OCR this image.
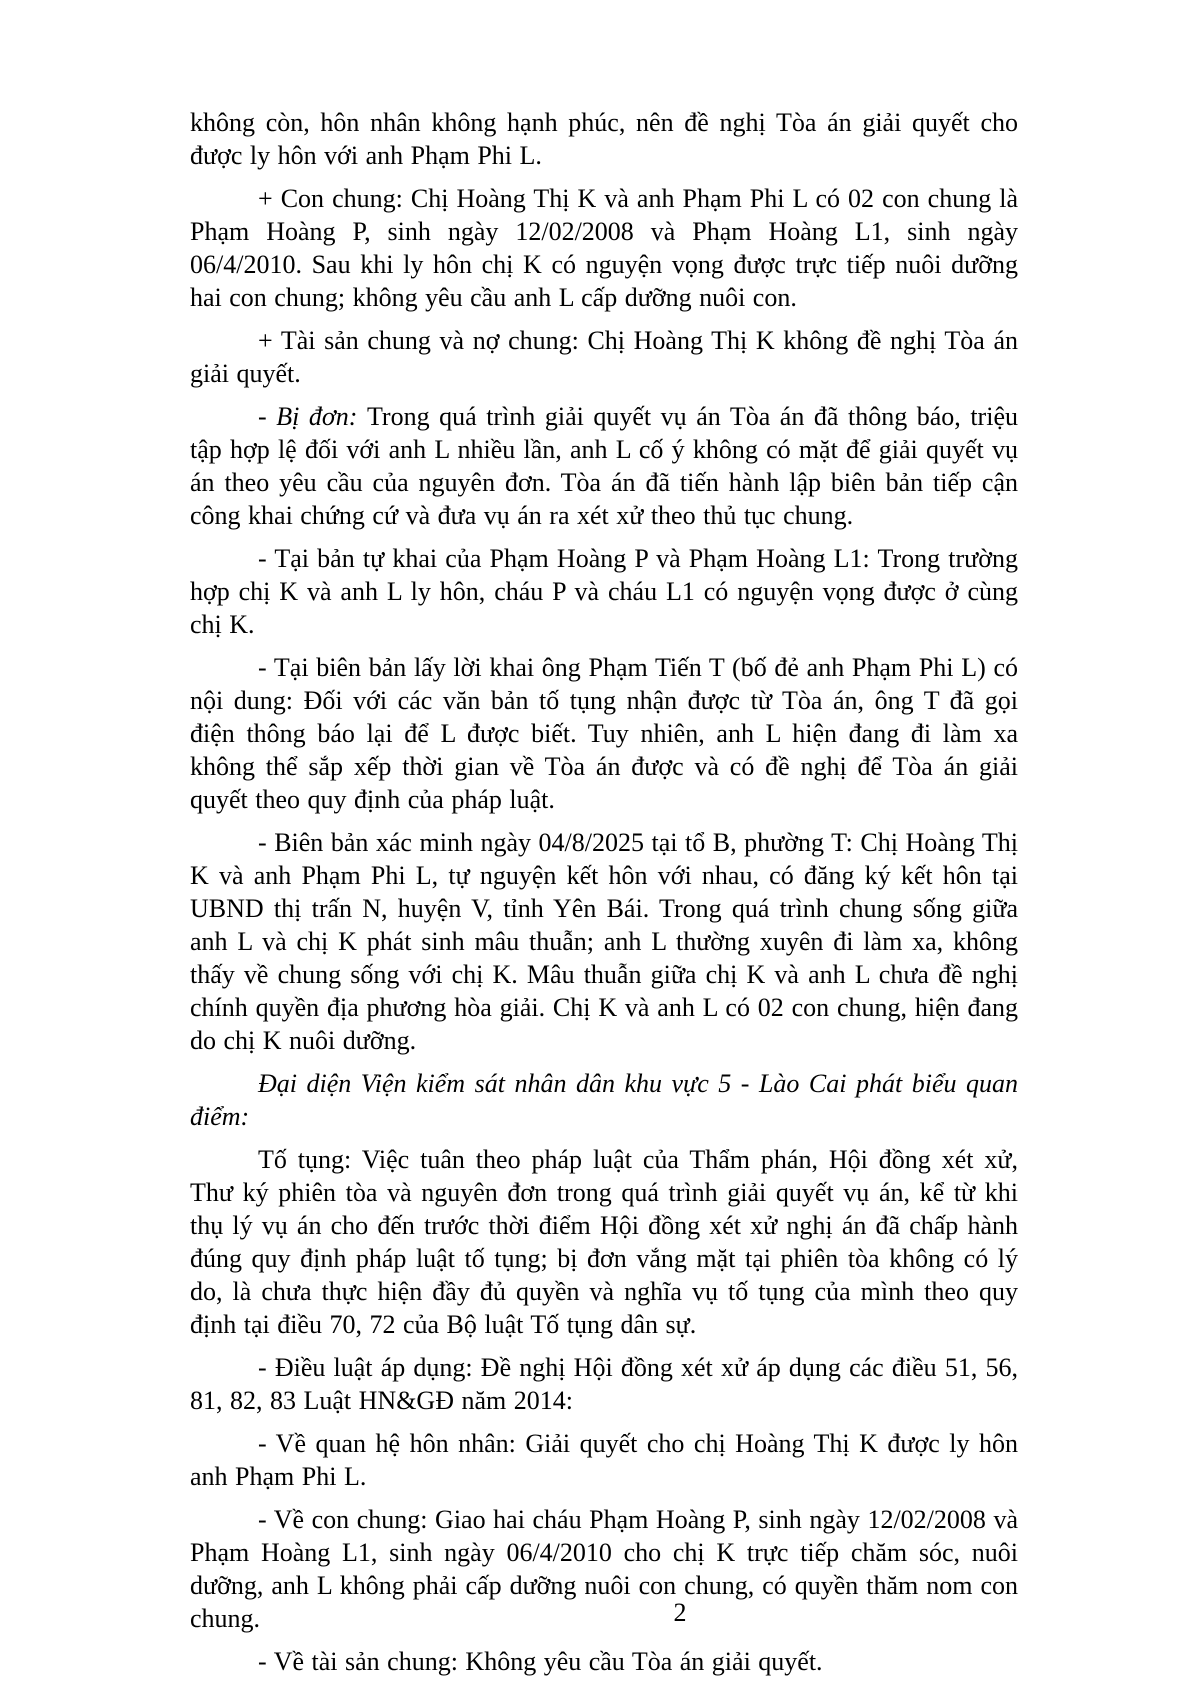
không còn, hôn nhân không hạnh phúc, nên đề nghị Tòa án giải quyết cho được ly hôn với anh Phạm Phi L.

+ Con chung: Chị Hoàng Thị K và anh Phạm Phi L có 02 con chung là Phạm Hoàng P, sinh ngày 12/02/2008 và Phạm Hoàng L1, sinh ngày 06/4/2010. Sau khi ly hôn chị K có nguyện vọng được trực tiếp nuôi dưỡng hai con chung; không yêu cầu anh L cấp dưỡng nuôi con.

+ Tài sản chung và nợ chung: Chị Hoàng Thị K không đề nghị Tòa án giải quyết.

- Bị đơn: Trong quá trình giải quyết vụ án Tòa án đã thông báo, triệu tập hợp lệ đối với anh L nhiều lần, anh L cố ý không có mặt để giải quyết vụ án theo yêu cầu của nguyên đơn. Tòa án đã tiến hành lập biên bản tiếp cận công khai chứng cứ và đưa vụ án ra xét xử theo thủ tục chung.

- Tại bản tự khai của Phạm Hoàng P và Phạm Hoàng L1: Trong trường hợp chị K và anh L ly hôn, cháu P và cháu L1 có nguyện vọng được ở cùng chị K.

- Tại biên bản lấy lời khai ông Phạm Tiến T (bố đẻ anh Phạm Phi L) có nội dung: Đối với các văn bản tố tụng nhận được từ Tòa án, ông T đã gọi điện thông báo lại để L được biết. Tuy nhiên, anh L hiện đang đi làm xa không thể sắp xếp thời gian về Tòa án được và có đề nghị để Tòa án giải quyết theo quy định của pháp luật.

- Biên bản xác minh ngày 04/8/2025 tại tổ B, phường T: Chị Hoàng Thị K và anh Phạm Phi L, tự nguyện kết hôn với nhau, có đăng ký kết hôn tại UBND thị trấn N, huyện V, tỉnh Yên Bái. Trong quá trình chung sống giữa anh L và chị K phát sinh mâu thuẫn; anh L thường xuyên đi làm xa, không thấy về chung sống với chị K. Mâu thuẫn giữa chị K và anh L chưa đề nghị chính quyền địa phương hòa giải. Chị K và anh L có 02 con chung, hiện đang do chị K nuôi dưỡng.

Đại diện Viện kiểm sát nhân dân khu vực 5 - Lào Cai phát biểu quan điểm:

Tố tụng: Việc tuân theo pháp luật của Thẩm phán, Hội đồng xét xử, Thư ký phiên tòa và nguyên đơn trong quá trình giải quyết vụ án, kể từ khi thụ lý vụ án cho đến trước thời điểm Hội đồng xét xử nghị án đã chấp hành đúng quy định pháp luật tố tụng; bị đơn vắng mặt tại phiên tòa không có lý do, là chưa thực hiện đầy đủ quyền và nghĩa vụ tố tụng của mình theo quy định tại điều 70, 72 của Bộ luật Tố tụng dân sự.

- Điều luật áp dụng: Đề nghị Hội đồng xét xử áp dụng các điều 51, 56, 81, 82, 83 Luật HN&GĐ năm 2014:

- Về quan hệ hôn nhân: Giải quyết cho chị Hoàng Thị K được ly hôn anh Phạm Phi L.

- Về con chung: Giao hai cháu Phạm Hoàng P, sinh ngày 12/02/2008 và Phạm Hoàng L1, sinh ngày 06/4/2010 cho chị K trực tiếp chăm sóc, nuôi dưỡng, anh L không phải cấp dưỡng nuôi con chung, có quyền thăm nom con chung.

- Về tài sản chung: Không yêu cầu Tòa án giải quyết.

2
